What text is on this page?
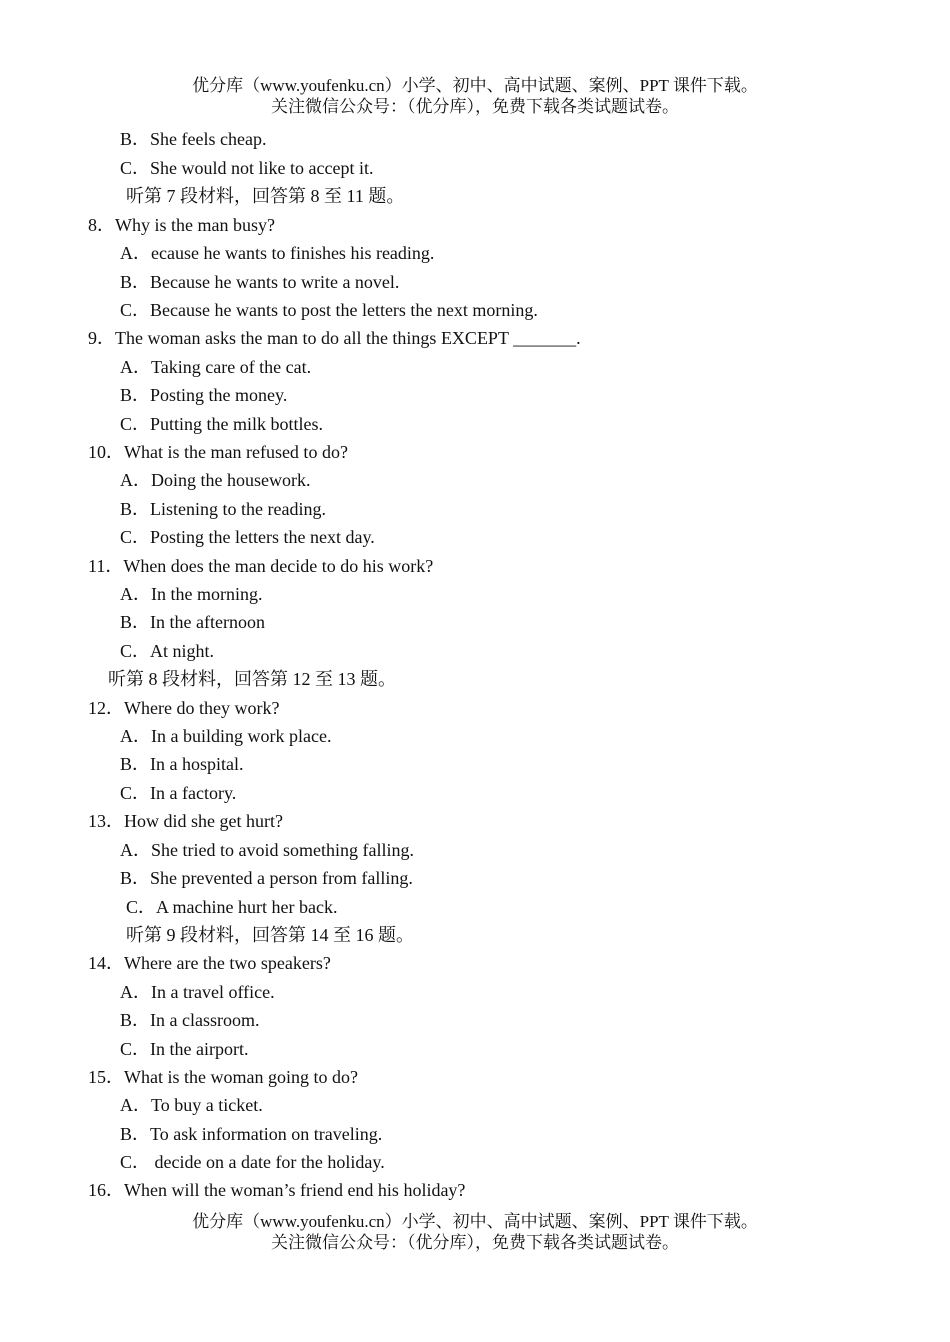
优分库（www.youfenku.cn）小学、初中、高中试题、案例、PPT 课件下载。
关注微信公众号：（优分库），免费下载各类试题试卷。
B．She feels cheap.
C．She would not like to accept it.
听第 7 段材料，回答第 8 至 11 题。
8．Why is the man busy?
A．ecause he wants to finishes his reading.
B．Because he wants to write a novel.
C．Because he wants to post the letters the next morning.
9．The woman asks the man to do all the things EXCEPT _______.
A．Taking care of the cat.
B．Posting the money.
C．Putting the milk bottles.
10．What is the man refused to do?
A．Doing the housework.
B．Listening to the reading.
C．Posting the letters the next day.
11．When does the man decide to do his work?
A．In the morning.
B．In the afternoon
C．At night.
听第 8 段材料，回答第 12 至 13 题。
12．Where do they work?
A．In a building work place.
B．In a hospital.
C．In a factory.
13．How did she get hurt?
A．She tried to avoid something falling.
B．She prevented a person from falling.
C．A machine hurt her back.
听第 9 段材料，回答第 14 至 16 题。
14．Where are the two speakers?
A．In a travel office.
B．In a classroom.
C．In the airport.
15．What is the woman going to do?
A．To buy a ticket.
B．To ask information on traveling.
C． decide on a date for the holiday.
16．When will the woman’s friend end his holiday?
优分库（www.youfenku.cn）小学、初中、高中试题、案例、PPT 课件下载。
关注微信公众号：（优分库），免费下载各类试题试卷。
